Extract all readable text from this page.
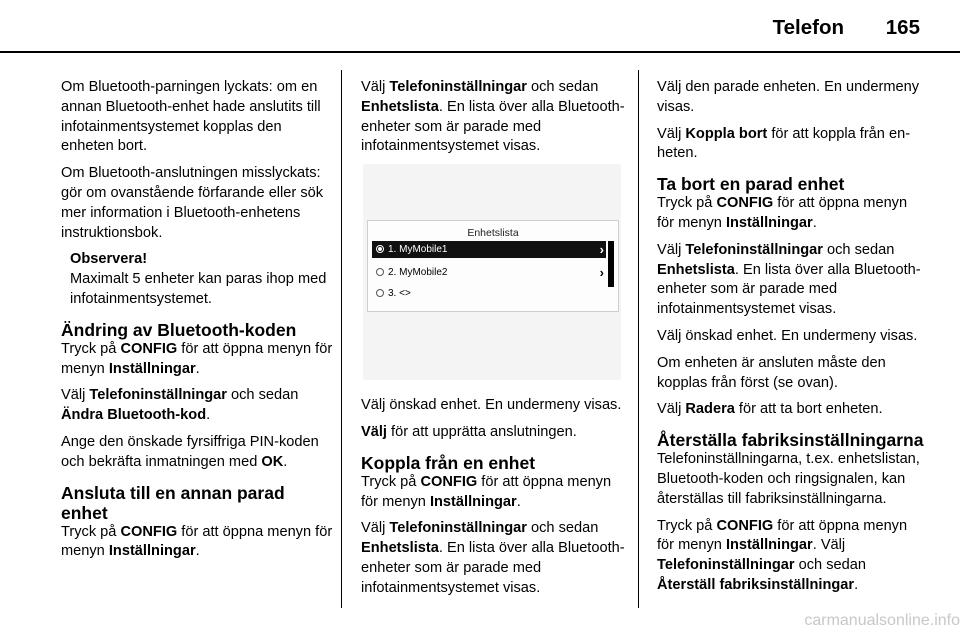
Telefon	165

Om Bluetooth-parningen lyckats: om en annan Bluetooth-enhet hade anslutits till infotainmentsystemet kopplas den enheten bort.

Om Bluetooth-anslutningen misslyckats: gör om ovanstående förfarande eller sök mer information i Bluetooth-enhetens instruktionsbok.

Observera!
Maximalt 5 enheter kan paras ihop med infotainmentsystemet.
Ändring av Bluetooth-koden

Tryck på CONFIG för att öppna menyn för menyn Inställningar.

Välj Telefoninställningar och sedan Ändra Bluetooth-kod.

Ange den önskade fyrsiffriga PIN-koden och bekräfta inmatningen med OK.

Ansluta till en annan parad enhet

Tryck på CONFIG för att öppna menyn för menyn Inställningar.

Välj Telefoninställningar och sedan Enhetslista. En lista över alla Bluetooth-enheter som är parade med infotainmentsystemet visas.

Enhetslista
1. MyMobile1	›
2. MyMobile2	›
3. <>

Välj önskad enhet. En undermeny visas.

Välj för att upprätta anslutningen.

Koppla från en enhet

Tryck på CONFIG för att öppna menyn för menyn Inställningar.

Välj Telefoninställningar och sedan Enhetslista. En lista över alla Bluetooth-enheter som är parade med infotainmentsystemet visas.

Välj den parade enheten. En undermeny visas.

Välj Koppla bort för att koppla från enheten.

Ta bort en parad enhet

Tryck på CONFIG för att öppna menyn för menyn Inställningar.

Välj Telefoninställningar och sedan Enhetslista. En lista över alla Bluetooth-enheter som är parade med infotainmentsystemet visas.

Välj önskad enhet. En undermeny visas.

Om enheten är ansluten måste den kopplas från först (se ovan).

Välj Radera för att ta bort enheten.

Återställa fabriksinställningarna

Telefoninställningarna, t.ex. enhetslistan, Bluetooth-koden och ringsignalen, kan återställas till fabriksinställningarna.

Tryck på CONFIG för att öppna menyn för menyn Inställningar. Välj Telefoninställningar och sedan Återställ fabriksinställningar.

carmanualsonline.info
